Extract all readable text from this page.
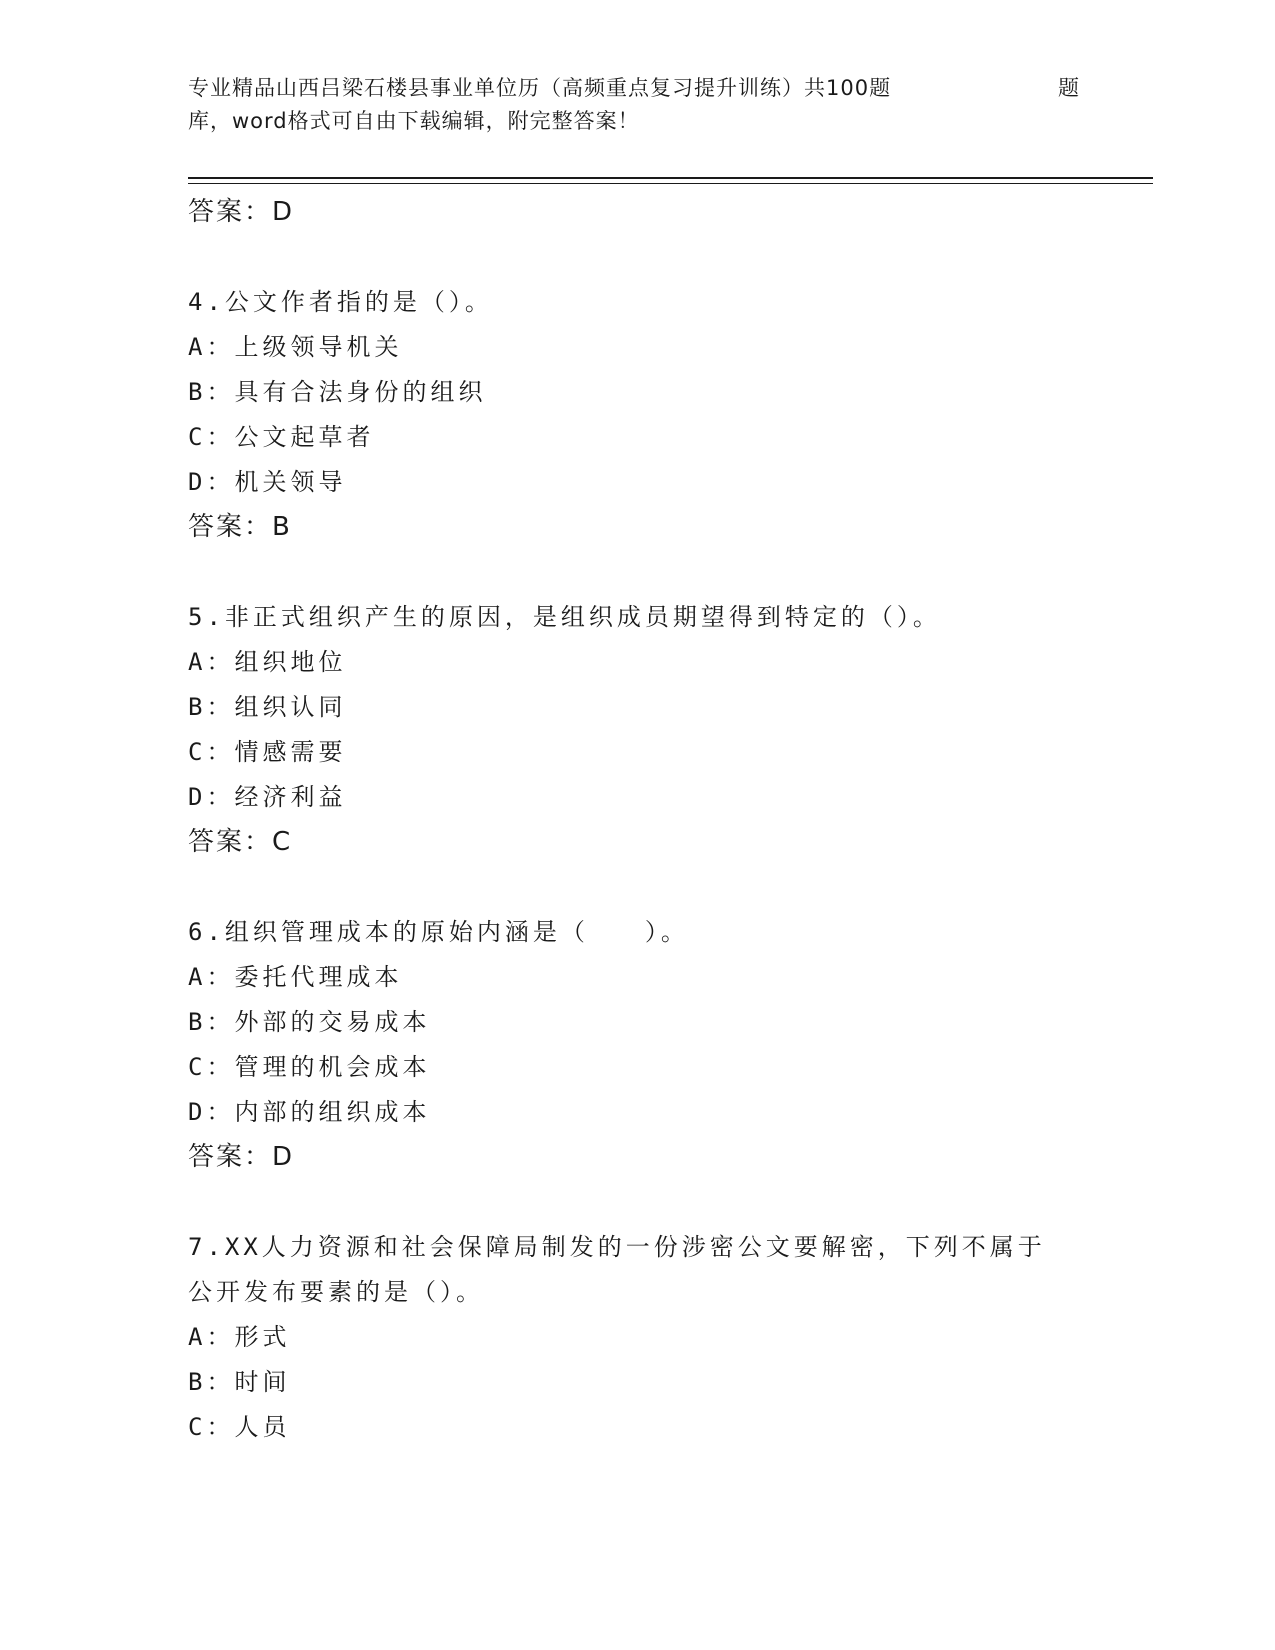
专业精品山西吕梁石楼县事业单位历（高频重点复习提升训练）共100题	题
库，word格式可自由下载编辑，附完整答案！

答案：D

4.公文作者指的是（）。

A：上级领导机关

B：具有合法身份的组织

C：公文起草者

D：机关领导

答案：B

5.非正式组织产生的原因，是组织成员期望得到特定的（）。

A：组织地位

B：组织认同

C：情感需要

D：经济利益

答案：C

6.组织管理成本的原始内涵是（　　）。

A：委托代理成本

B：外部的交易成本

C：管理的机会成本

D：内部的组织成本

答案：D

7.XX人力资源和社会保障局制发的一份涉密公文要解密，下列不属于

公开发布要素的是（）。

A：形式

B：时间

C：人员
